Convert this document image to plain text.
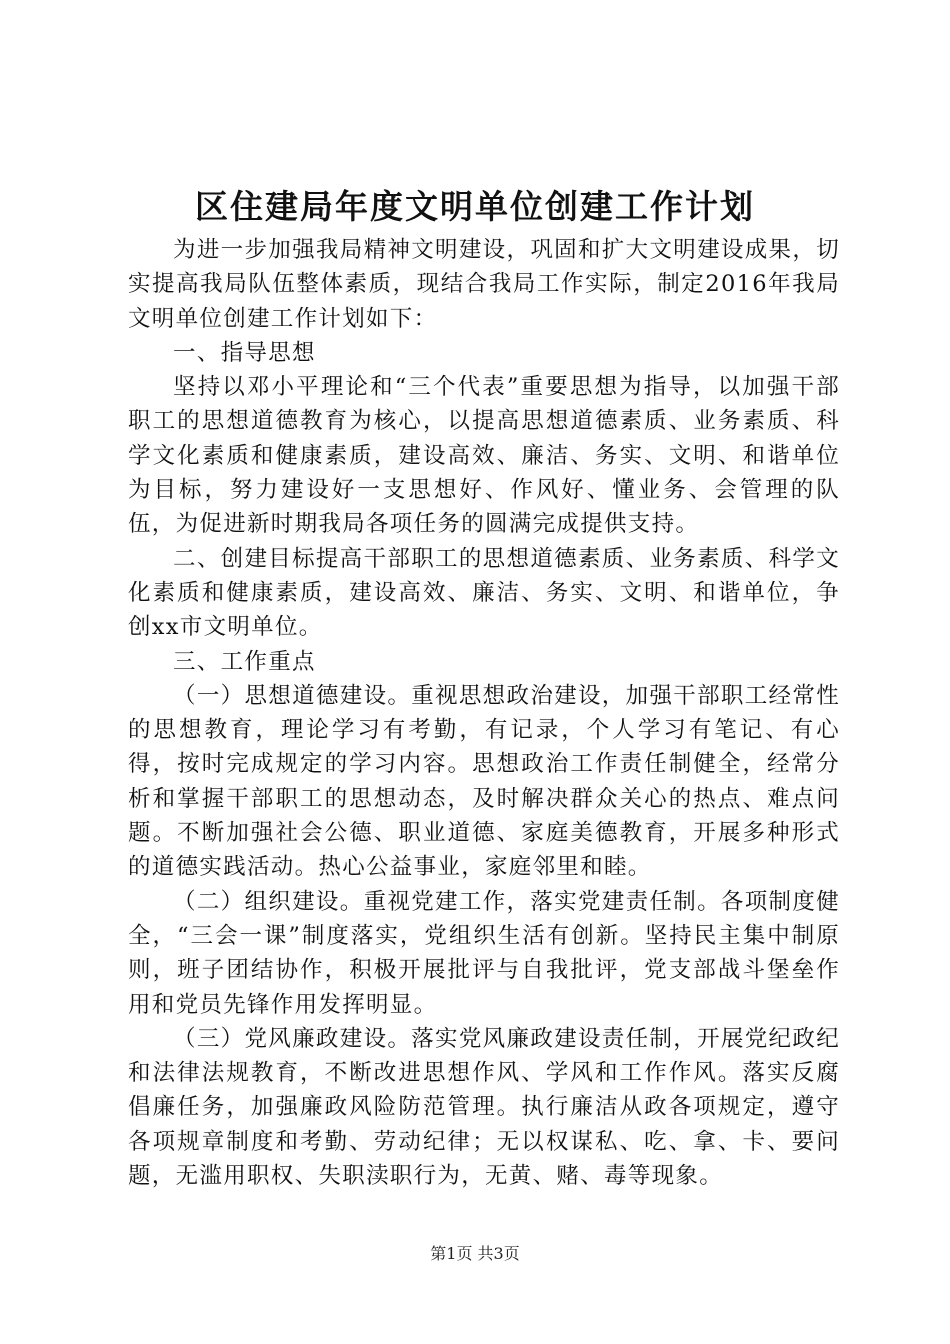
区住建局年度文明单位创建工作计划

为进一步加强我局精神文明建设，巩固和扩大文明建设成果，切实提高我局队伍整体素质，现结合我局工作实际，制定2016年我局文明单位创建工作计划如下：

一、指导思想

坚持以邓小平理论和“三个代表”重要思想为指导，以加强干部职工的思想道德教育为核心，以提高思想道德素质、业务素质、科学文化素质和健康素质，建设高效、廉洁、务实、文明、和谐单位为目标，努力建设好一支思想好、作风好、懂业务、会管理的队伍，为促进新时期我局各项任务的圆满完成提供支持。

二、创建目标提高干部职工的思想道德素质、业务素质、科学文化素质和健康素质，建设高效、廉洁、务实、文明、和谐单位，争创xx市文明单位。

三、工作重点

（一）思想道德建设。重视思想政治建设，加强干部职工经常性的思想教育，理论学习有考勤，有记录，个人学习有笔记、有心得，按时完成规定的学习内容。思想政治工作责任制健全，经常分析和掌握干部职工的思想动态，及时解决群众关心的热点、难点问题。不断加强社会公德、职业道德、家庭美德教育，开展多种形式的道德实践活动。热心公益事业，家庭邻里和睦。

（二）组织建设。重视党建工作，落实党建责任制。各项制度健全，“三会一课”制度落实，党组织生活有创新。坚持民主集中制原则，班子团结协作，积极开展批评与自我批评，党支部战斗堡垒作用和党员先锋作用发挥明显。

（三）党风廉政建设。落实党风廉政建设责任制，开展党纪政纪和法律法规教育，不断改进思想作风、学风和工作作风。落实反腐倡廉任务，加强廉政风险防范管理。执行廉洁从政各项规定，遵守各项规章制度和考勤、劳动纪律；无以权谋私、吃、拿、卡、要问题，无滥用职权、失职渎职行为，无黄、赌、毒等现象。

第1页 共3页
